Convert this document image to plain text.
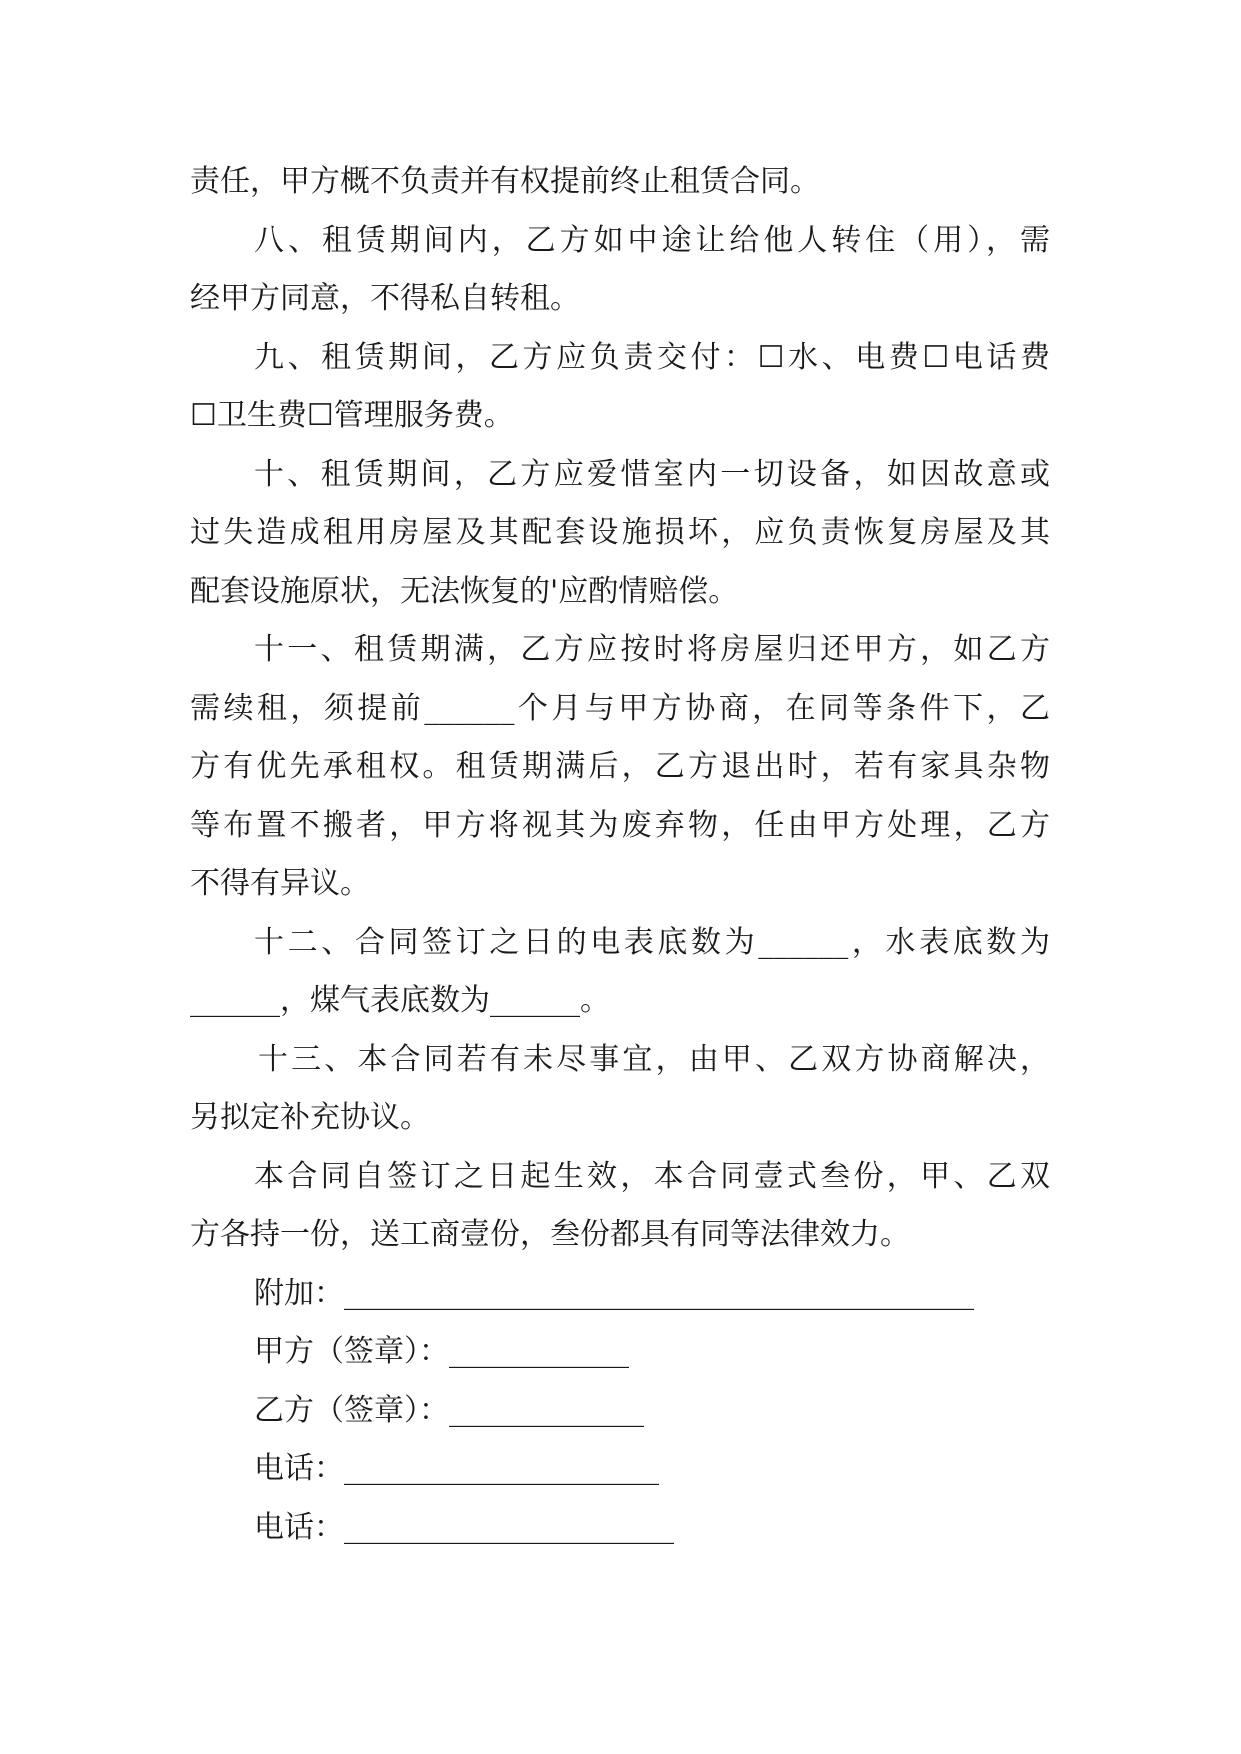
责任，甲方概不负责并有权提前终止租赁合同。
八、租赁期间内，乙方如中途让给他人转住（用），需
经甲方同意，不得私自转租。
九、租赁期间，乙方应负责交付：☐水、电费☐电话费
☐卫生费☐管理服务费。
十、租赁期间，乙方应爱惜室内一切设备，如因故意或
过失造成租用房屋及其配套设施损坏，应负责恢复房屋及其
配套设施原状，无法恢复的'应酌情赔偿。
十一、租赁期满，乙方应按时将房屋归还甲方，如乙方
需续租，须提前______个月与甲方协商，在同等条件下，乙
方有优先承租权。租赁期满后，乙方退出时，若有家具杂物
等布置不搬者，甲方将视其为废弃物，任由甲方处理，乙方
不得有异议。
十二、合同签订之日的电表底数为______，水表底数为
______，煤气表底数为______。
十三、本合同若有未尽事宜，由甲、乙双方协商解决，
另拟定补充协议。
本合同自签订之日起生效，本合同壹式叁份，甲、乙双
方各持一份，送工商壹份，叁份都具有同等法律效力。
附加：__________________________________________
甲方（签章）：____________
乙方（签章）：_____________
电话：_____________________
电话：______________________
